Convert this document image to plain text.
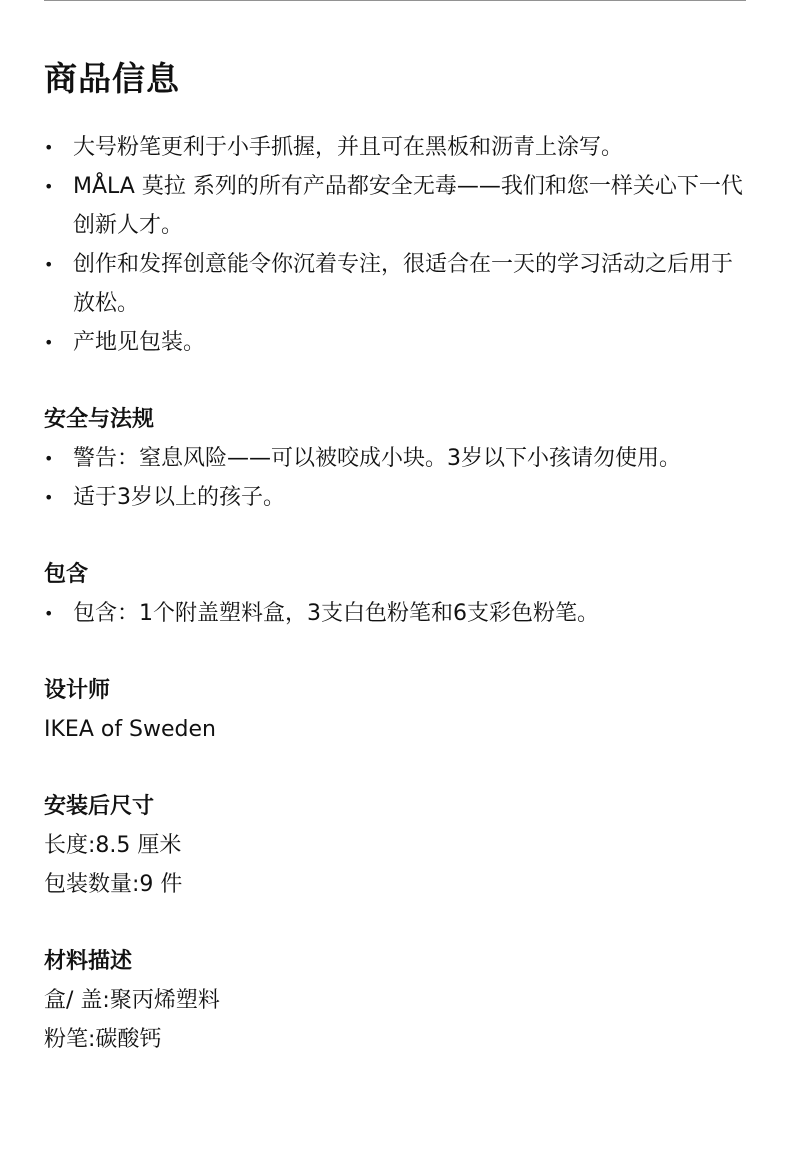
商品信息
• 大号粉笔更利于小手抓握，并且可在黑板和沥青上涂写。
• MÅLA 莫拉 系列的所有产品都安全无毒——我们和您一样关心下一代创新人才。
• 创作和发挥创意能令你沉着专注，很适合在一天的学习活动之后用于放松。
• 产地见包装。
安全与法规
• 警告：窒息风险——可以被咬成小块。3岁以下小孩请勿使用。
• 适于3岁以上的孩子。
包含
• 包含：1个附盖塑料盒，3支白色粉笔和6支彩色粉笔。
设计师

IKEA of Sweden

安装后尺寸

长度:8.5 厘米

包装数量:9 件

材料描述

盒/ 盖:聚丙烯塑料

粉笔:碳酸钙
